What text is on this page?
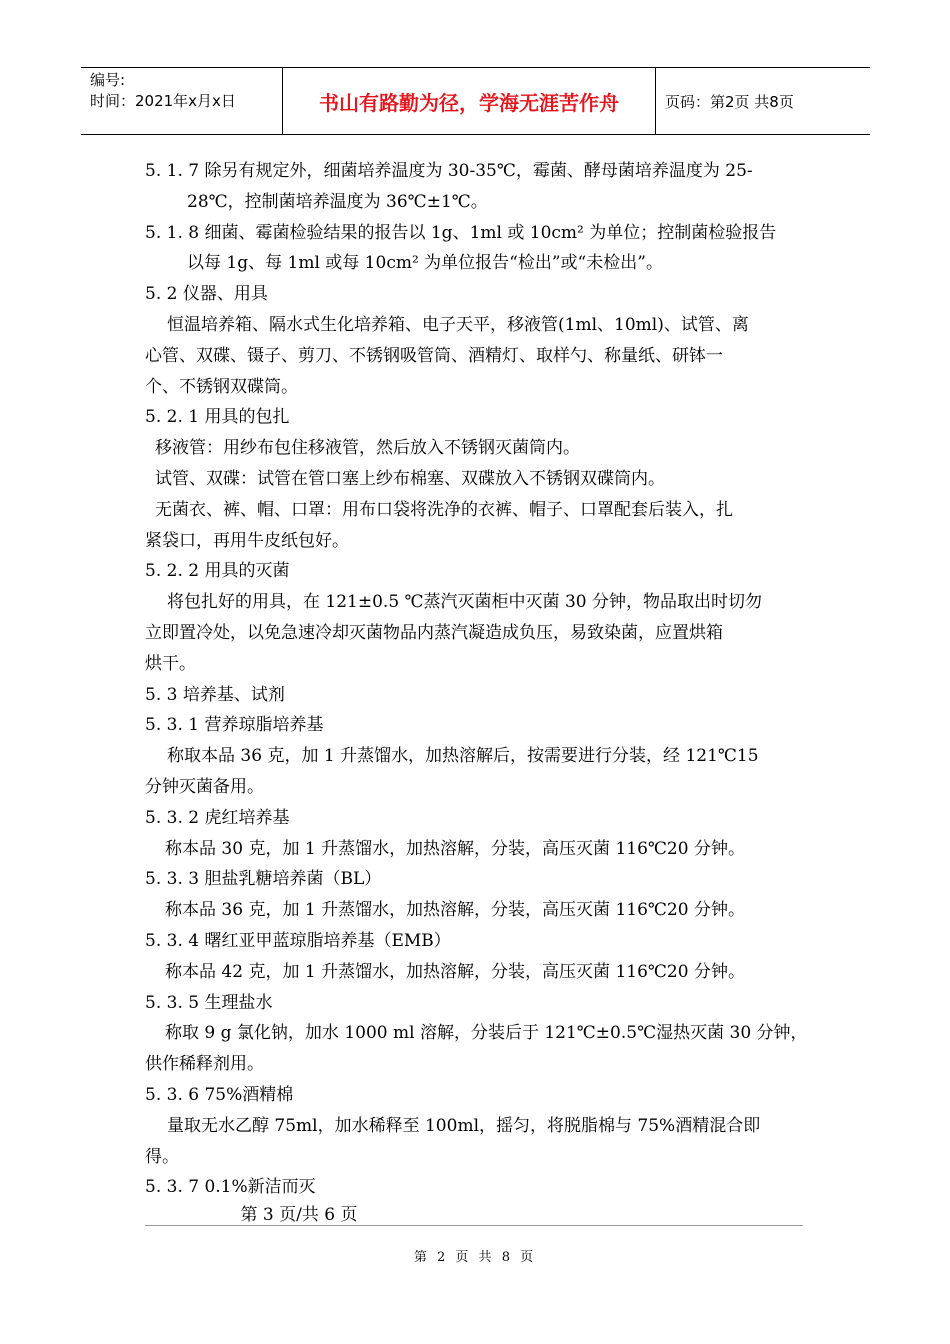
编号:
时间：2021年x月x日	书山有路勤为径，学海无涯苦作舟	页码：第2页 共8页

5. 1. 7 除另有规定外，细菌培养温度为 30-35℃，霉菌、酵母菌培养温度为 25-

28℃，控制菌培养温度为 36℃±1℃。

5. 1. 8 细菌、霉菌检验结果的报告以 1g、1ml 或 10cm² 为单位；控制菌检验报告

以每 1g、每 1ml 或每 10cm² 为单位报告“检出”或“未检出”。

5. 2 仪器、用具

恒温培养箱、隔水式生化培养箱、电子天平，移液管(1ml、10ml)、试管、离

心管、双碟、镊子、剪刀、不锈钢吸管筒、酒精灯、取样勺、称量纸、研钵一

个、不锈钢双碟筒。

5. 2. 1 用具的包扎

移液管：用纱布包住移液管，然后放入不锈钢灭菌筒内。

试管、双碟：试管在管口塞上纱布棉塞、双碟放入不锈钢双碟筒内。

无菌衣、裤、帽、口罩：用布口袋将洗净的衣裤、帽子、口罩配套后装入，扎

紧袋口，再用牛皮纸包好。

5. 2. 2 用具的灭菌

将包扎好的用具，在 121±0.5 ℃蒸汽灭菌柜中灭菌 30 分钟，物品取出时切勿

立即置冷处，以免急速冷却灭菌物品内蒸汽凝造成负压，易致染菌，应置烘箱

烘干。

5. 3 培养基、试剂

5. 3. 1 营养琼脂培养基

称取本品 36 克，加 1 升蒸馏水，加热溶解后，按需要进行分装，经 121℃15

分钟灭菌备用。

5. 3. 2 虎红培养基

称本品 30 克，加 1 升蒸馏水，加热溶解，分装，高压灭菌 116℃20 分钟。

5. 3. 3 胆盐乳糖培养菌（BL）

称本品 36 克，加 1 升蒸馏水，加热溶解，分装，高压灭菌 116℃20 分钟。

5. 3. 4 曙红亚甲蓝琼脂培养基（EMB）

称本品 42 克，加 1 升蒸馏水，加热溶解，分装，高压灭菌 116℃20 分钟。

5. 3. 5 生理盐水

称取 9 g 氯化钠，加水 1000 ml 溶解，分装后于 121℃±0.5℃湿热灭菌 30 分钟，

供作稀释剂用。

5. 3. 6 75%酒精棉

量取无水乙醇 75ml，加水稀释至 100ml，摇匀，将脱脂棉与 75%酒精混合即

得。

5. 3. 7 0.1%新洁而灭

第 3 页/共 6 页
第 2 页 共 8 页
